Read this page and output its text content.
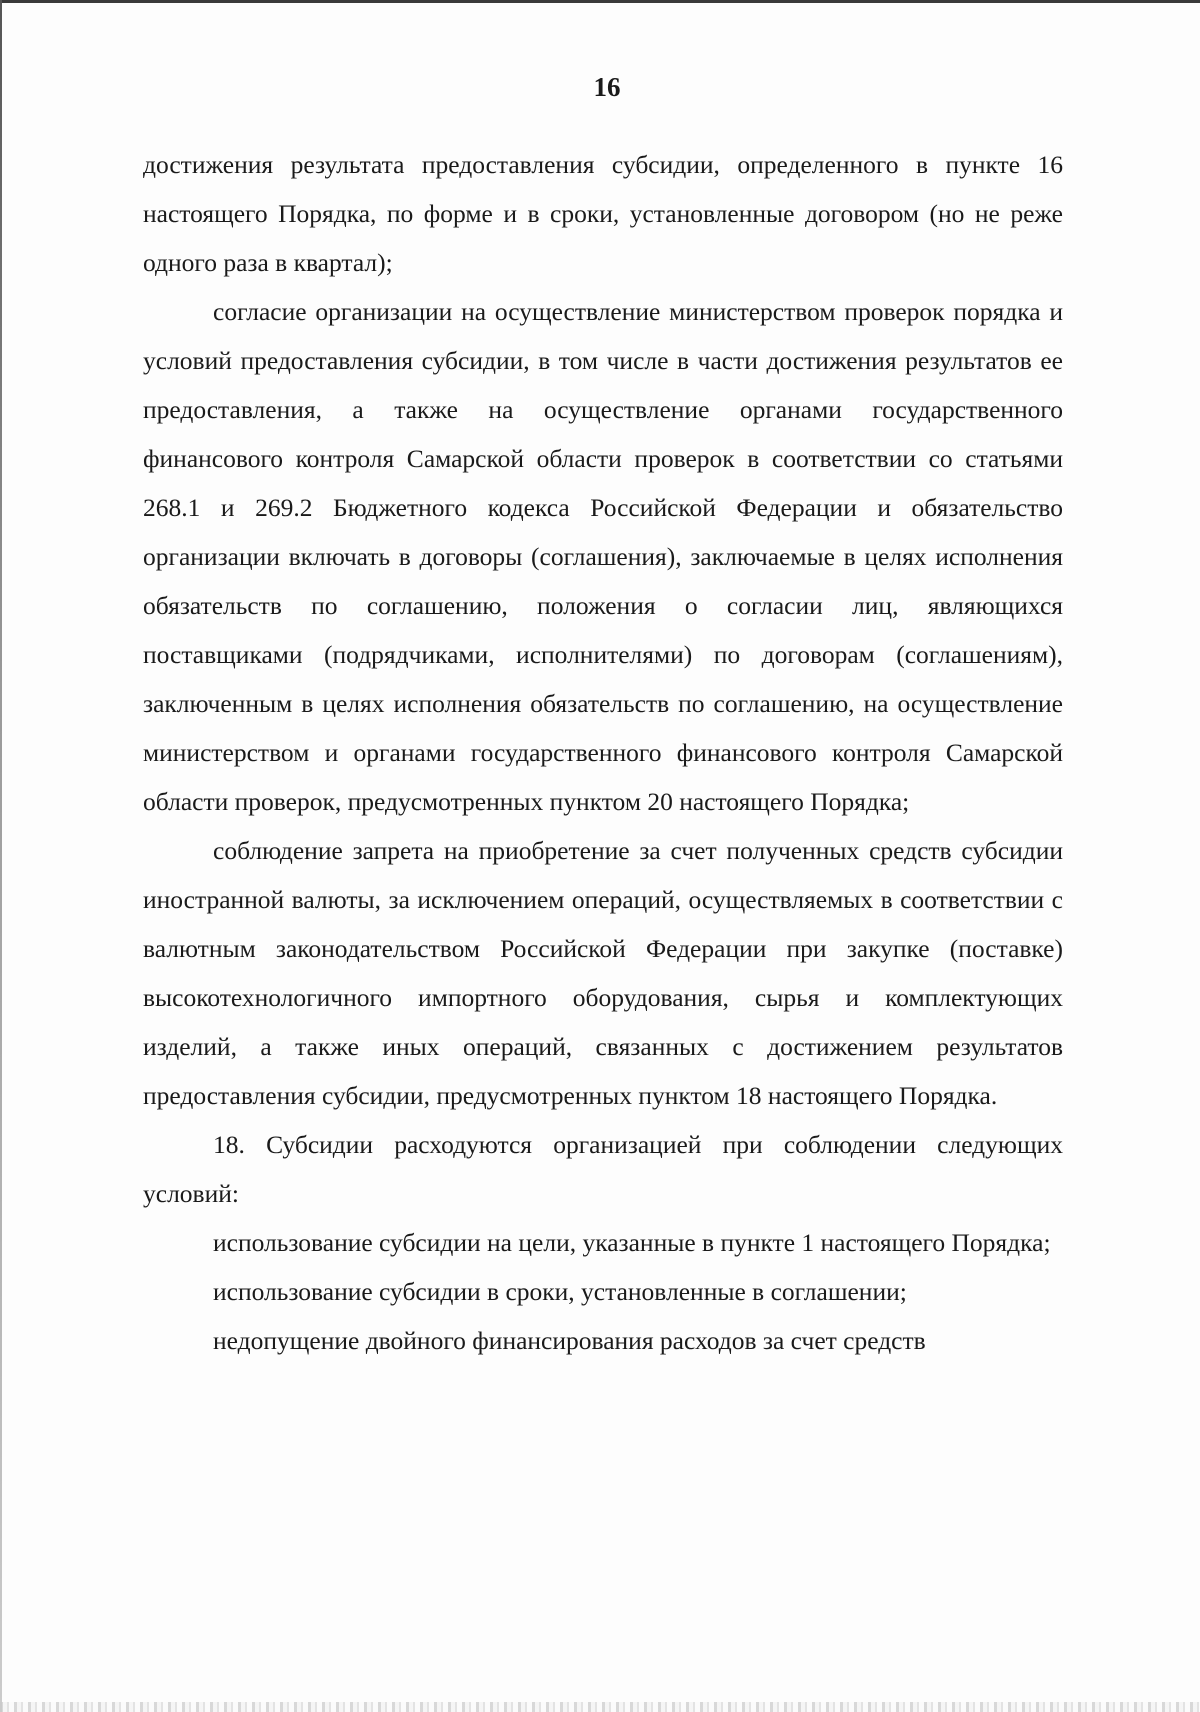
16

достижения результата предоставления субсидии, определенного в пункте 16 настоящего Порядка, по форме и в сроки, установленные договором (но не реже одного раза в квартал);

согласие организации на осуществление министерством проверок порядка и условий предоставления субсидии, в том числе в части достижения результатов ее предоставления, а также на осуществление органами государственного финансового контроля Самарской области проверок в соответствии со статьями 268.1 и 269.2 Бюджетного кодекса Российской Федерации и обязательство организации включать в договоры (соглашения), заключаемые в целях исполнения обязательств по соглашению, положения о согласии лиц, являющихся поставщиками (подрядчиками, исполнителями) по договорам (соглашениям), заключенным в целях исполнения обязательств по соглашению, на осуществление министерством и органами государственного финансового контроля Самарской области проверок, предусмотренных пунктом 20 настоящего Порядка;

соблюдение запрета на приобретение за счет полученных средств субсидии иностранной валюты, за исключением операций, осуществляемых в соответствии с валютным законодательством Российской Федерации при закупке (поставке) высокотехнологичного импортного оборудования, сырья и комплектующих изделий, а также иных операций, связанных с достижением результатов предоставления субсидии, предусмотренных пунктом 18 настоящего Порядка.

18. Субсидии расходуются организацией при соблюдении следующих условий:

использование субсидии на цели, указанные в пункте 1 настоящего Порядка;

использование субсидии в сроки, установленные в соглашении;

недопущение двойного финансирования расходов за счет средств
